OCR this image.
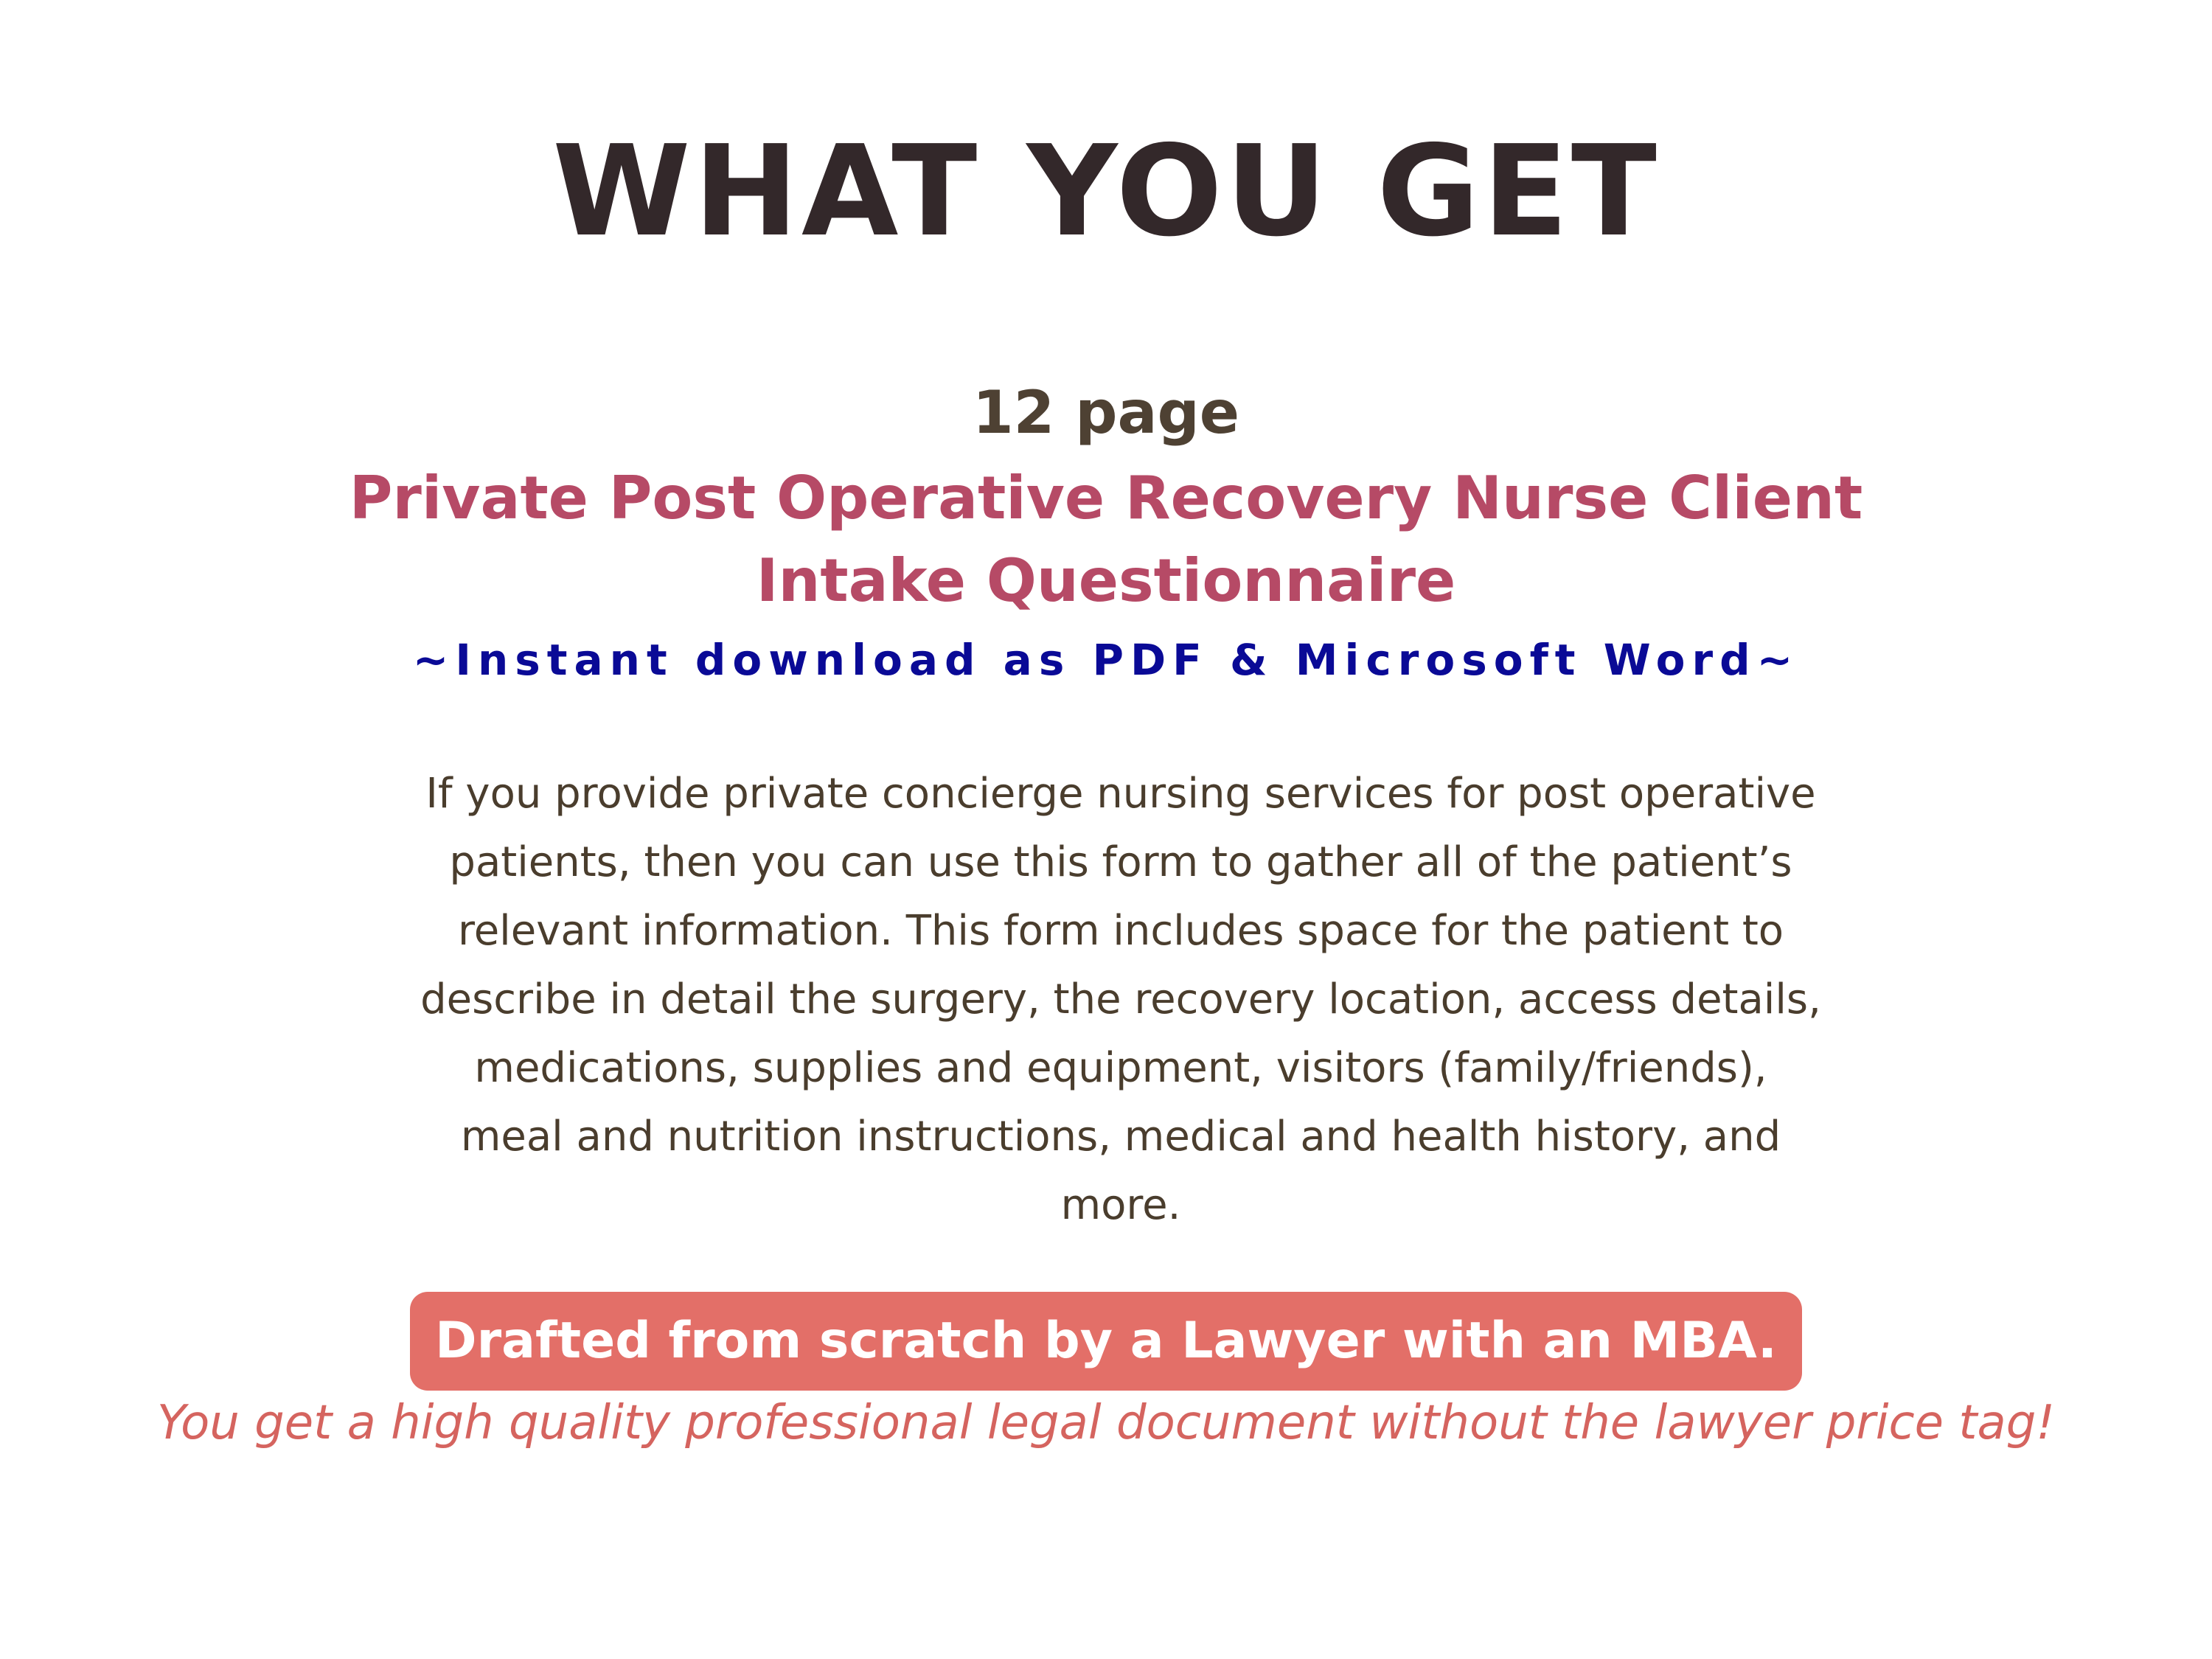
WHAT YOU GET
12 page
Private Post Operative Recovery Nurse Client Intake Questionnaire
~Instant download as PDF & Microsoft Word~

If you provide private concierge nursing services for post operative patients, then you can use this form to gather all of the patient’s relevant information. This form includes space for the patient to describe in detail the surgery, the recovery location, access details, medications, supplies and equipment, visitors (family/friends), meal and nutrition instructions, medical and health history, and more.

Drafted from scratch by a Lawyer with an MBA.
You get a high quality professional legal document without the lawyer price tag!
